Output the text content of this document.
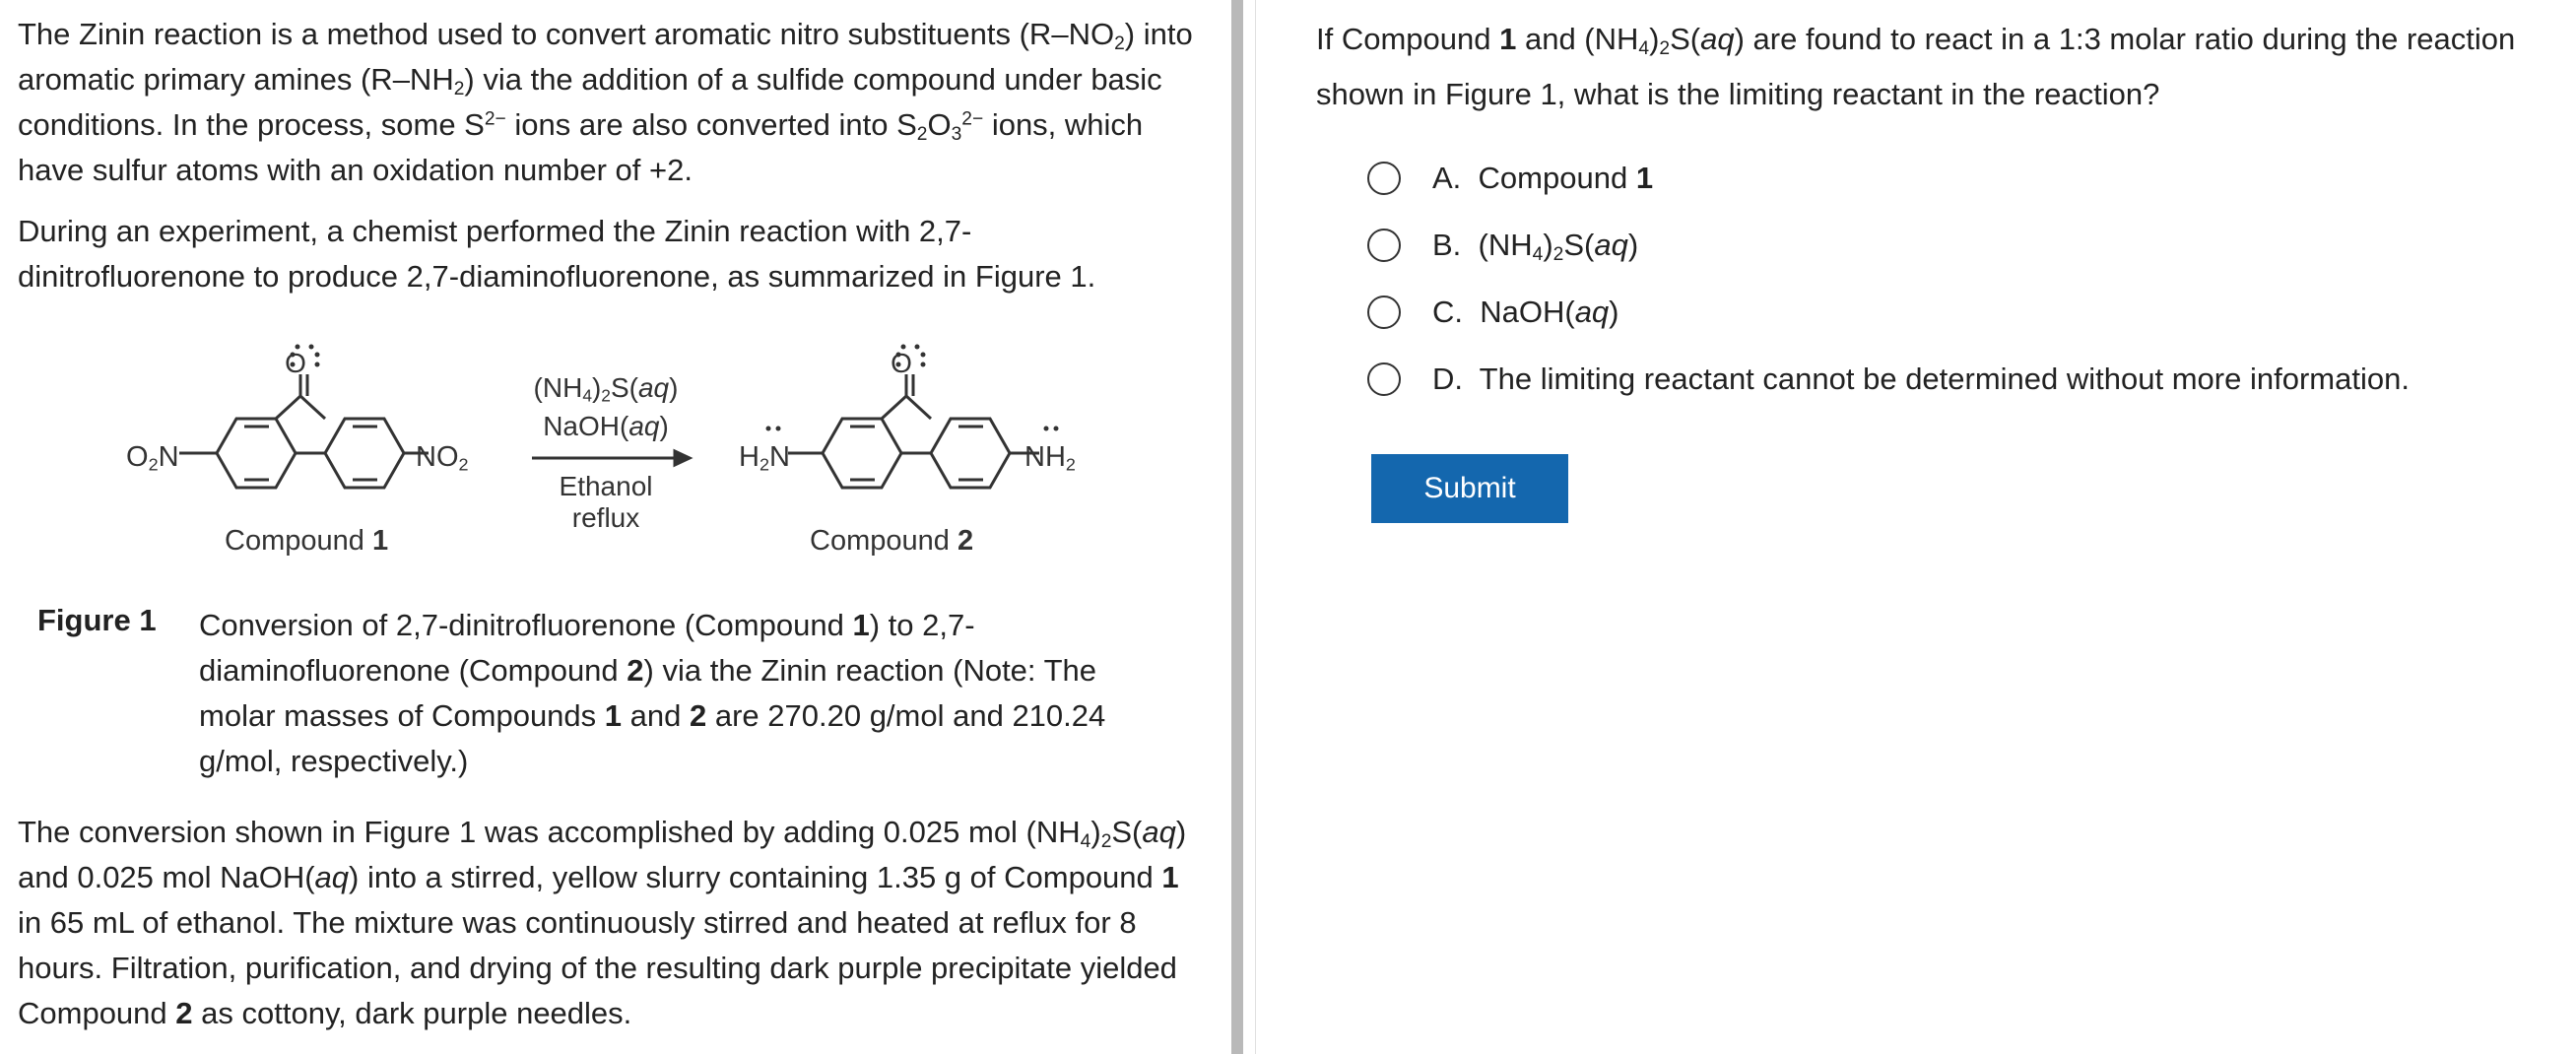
The Zinin reaction is a method used to convert aromatic nitro substituents $(R-NO_2)$ into aromatic primary amines $(R-NH_2)$ via the addition of a sulfide compound under basic conditions. In the process, some $S^{2-}$ ions are also converted into $S_2O_3^{2-}$ ions, which have sulfur atoms with an oxidation number of +2.

During an experiment, a chemist performed the Zinin reaction with 2,7-dinitrofluorenone to produce 2,7-diaminofluorenone, as summarized in Figure 1.

O	O
$O_2N$	$NO_2$	$H_2N$	$NH_2$
$(NH_4)_2S(aq)$
NaOH(aq)
Ethanol
reflux
Compound 1	Compound 2
Figure 1 Conversion of 2,7-dinitrofluorenone (Compound 1) to 2,7-diaminofluorenone (Compound 2) via the Zinin reaction (Note: The molar masses of Compounds 1 and 2 are 270.20 g/mol and 210.24 g/mol, respectively.)

The conversion shown in Figure 1 was accomplished by adding 0.025 mol $(NH_4)_2S(aq)$ and 0.025 mol NaOH(aq) into a stirred, yellow slurry containing 1.35 g of Compound 1 in 65 mL of ethanol. The mixture was continuously stirred and heated at reflux for 8 hours. Filtration, purification, and drying of the resulting dark purple precipitate yielded Compound 2 as cottony, dark purple needles.

If Compound 1 and $(NH_4)_2S(aq)$ are found to react in a 1:3 molar ratio during the reaction shown in Figure 1, what is the limiting reactant in the reaction?
A. Compound 1
B. $(NH_4)_2S(aq)$
C. NaOH(aq)
D. The limiting reactant cannot be determined without more information.
Submit
